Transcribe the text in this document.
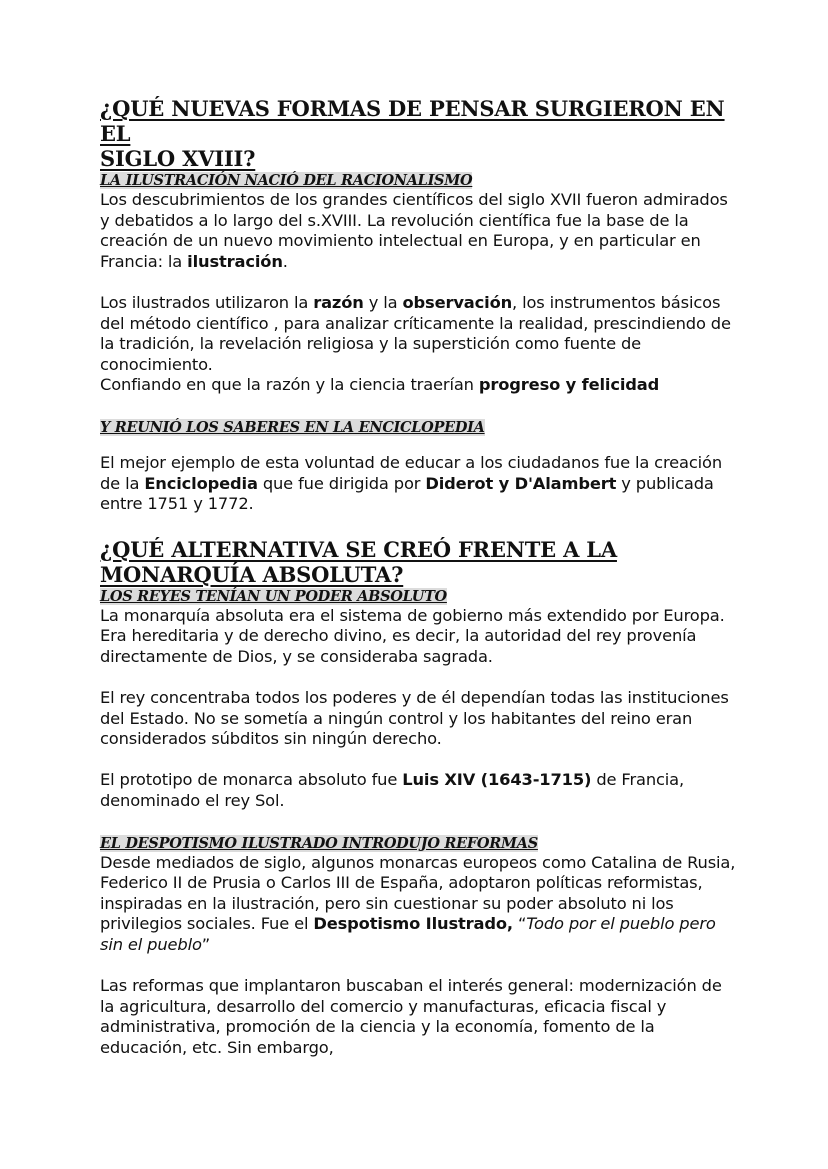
¿QUÉ NUEVAS FORMAS DE PENSAR SURGIERON EN EL
SIGLO XVIII?
LA ILUSTRACIÓN NACIÓ DEL RACIONALISMO

Los descubrimientos de los grandes científicos del siglo XVII fueron admirados y debatidos a lo largo del s.XVIII. La revolución científica fue la base de la creación de un nuevo movimiento intelectual en Europa, y en particular en Francia: la ilustración.

Los ilustrados utilizaron la razón y la observación, los instrumentos básicos del método científico , para analizar críticamente la realidad, prescindiendo de la tradición, la revelación religiosa y la superstición como fuente de conocimiento.

Confiando en que la razón y la ciencia traerían progreso y felicidad

Y REUNIÓ LOS SABERES EN LA ENCICLOPEDIA

El mejor ejemplo de esta voluntad de educar a los ciudadanos fue la creación de la Enciclopedia que fue dirigida por Diderot y D'Alambert y publicada entre 1751 y 1772.

¿QUÉ ALTERNATIVA SE CREÓ FRENTE A LA
MONARQUÍA ABSOLUTA?
LOS REYES TENÍAN UN PODER ABSOLUTO

La monarquía absoluta era el sistema de gobierno más extendido por Europa. Era hereditaria y de derecho divino, es decir, la autoridad del rey provenía directamente de Dios, y se consideraba sagrada.

El rey concentraba todos los poderes y de él dependían todas las instituciones del Estado. No se sometía a ningún control y los habitantes del reino eran considerados súbditos sin ningún derecho.

El prototipo de monarca absoluto fue Luis XIV (1643-1715) de Francia, denominado el rey Sol.

EL DESPOTISMO ILUSTRADO INTRODUJO REFORMAS

Desde mediados de siglo, algunos monarcas europeos como Catalina de Rusia, Federico II de Prusia o Carlos III de España, adoptaron políticas reformistas, inspiradas en la ilustración, pero sin cuestionar su poder absoluto ni los privilegios sociales. Fue el Despotismo Ilustrado, “Todo por el pueblo pero sin el pueblo”

Las reformas que implantaron buscaban el interés general: modernización de la agricultura, desarrollo del comercio y manufacturas, eficacia fiscal y administrativa, promoción de la ciencia y la economía, fomento de la educación, etc. Sin embargo,
